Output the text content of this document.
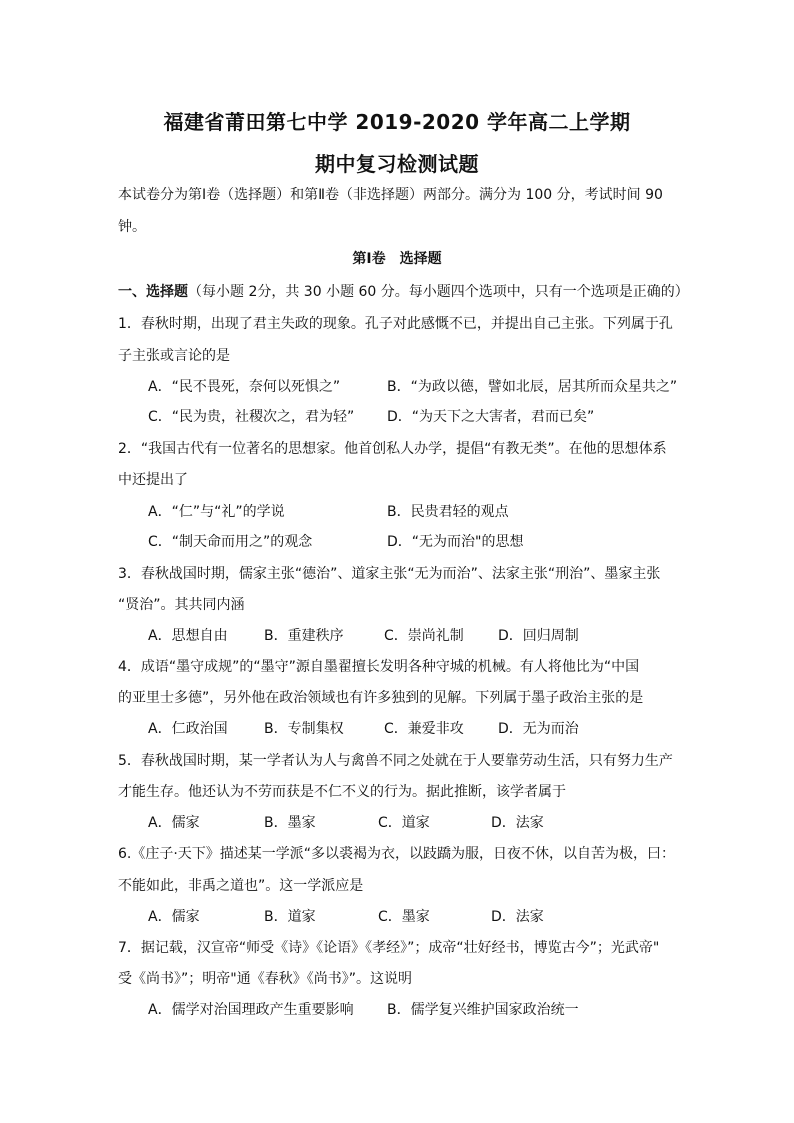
福建省莆田第七中学 2019-2020 学年高二上学期
期中复习检测试题
本试卷分为第Ⅰ卷（选择题）和第Ⅱ卷（非选择题）两部分。满分为 100 分，考试时间 90
钟。
第Ⅰ卷　选择题
一、选择题（每小题 2分，共 30 小题 60 分。每小题四个选项中，只有一个选项是正确的）
1．春秋时期，出现了君主失政的现象。孔子对此感慨不已，并提出自己主张。下列属于孔
子主张或言论的是
A．“民不畏死，奈何以死惧之”	B．“为政以德，譬如北辰，居其所而众星共之”
C．“民为贵，社稷次之，君为轻” D．“为天下之大害者，君而已矣”
2．“我国古代有一位著名的思想家。他首创私人办学，提倡“有教无类”。在他的思想体系
中还提出了
A．“仁”与“礼”的学说	B．民贵君轻的观点
C．“制天命而用之”的观念	D．“无为而治"的思想
3．春秋战国时期，儒家主张“德治”、道家主张“无为而治”、法家主张“刑治”、墨家主张
“贤治”。其共同内涵
A．思想自由	B．重建秩序	C．崇尚礼制 D．回归周制
4．成语“墨守成规”的“墨守”源自墨翟擅长发明各种守城的机械。有人将他比为“中国
的亚里士多德”，另外他在政治领域也有许多独到的见解。下列属于墨子政治主张的是
A．仁政治国	B．专制集权	C．兼爱非攻 D．无为而治
5．春秋战国时期，某一学者认为人与禽兽不同之处就在于人要靠劳动生活，只有努力生产
才能生存。他还认为不劳而获是不仁不义的行为。据此推断，该学者属于
A．儒家	B．墨家	C．道家	D．法家
6.《庄子·天下》描述某一学派“多以裘褐为衣，以跂蹻为服，日夜不休，以自苦为极，曰：
不能如此，非禹之道也”。这一学派应是
A．儒家	B．道家	C．墨家	D．法家
7．据记载，汉宣帝“师受《诗》《论语》《孝经》”；成帝“壮好经书，博览古今”；光武帝"
受《尚书》”；明帝"通《春秋》《尚书》”。这说明
A．儒学对治国理政产生重要影响 B．儒学复兴维护国家政治统一
